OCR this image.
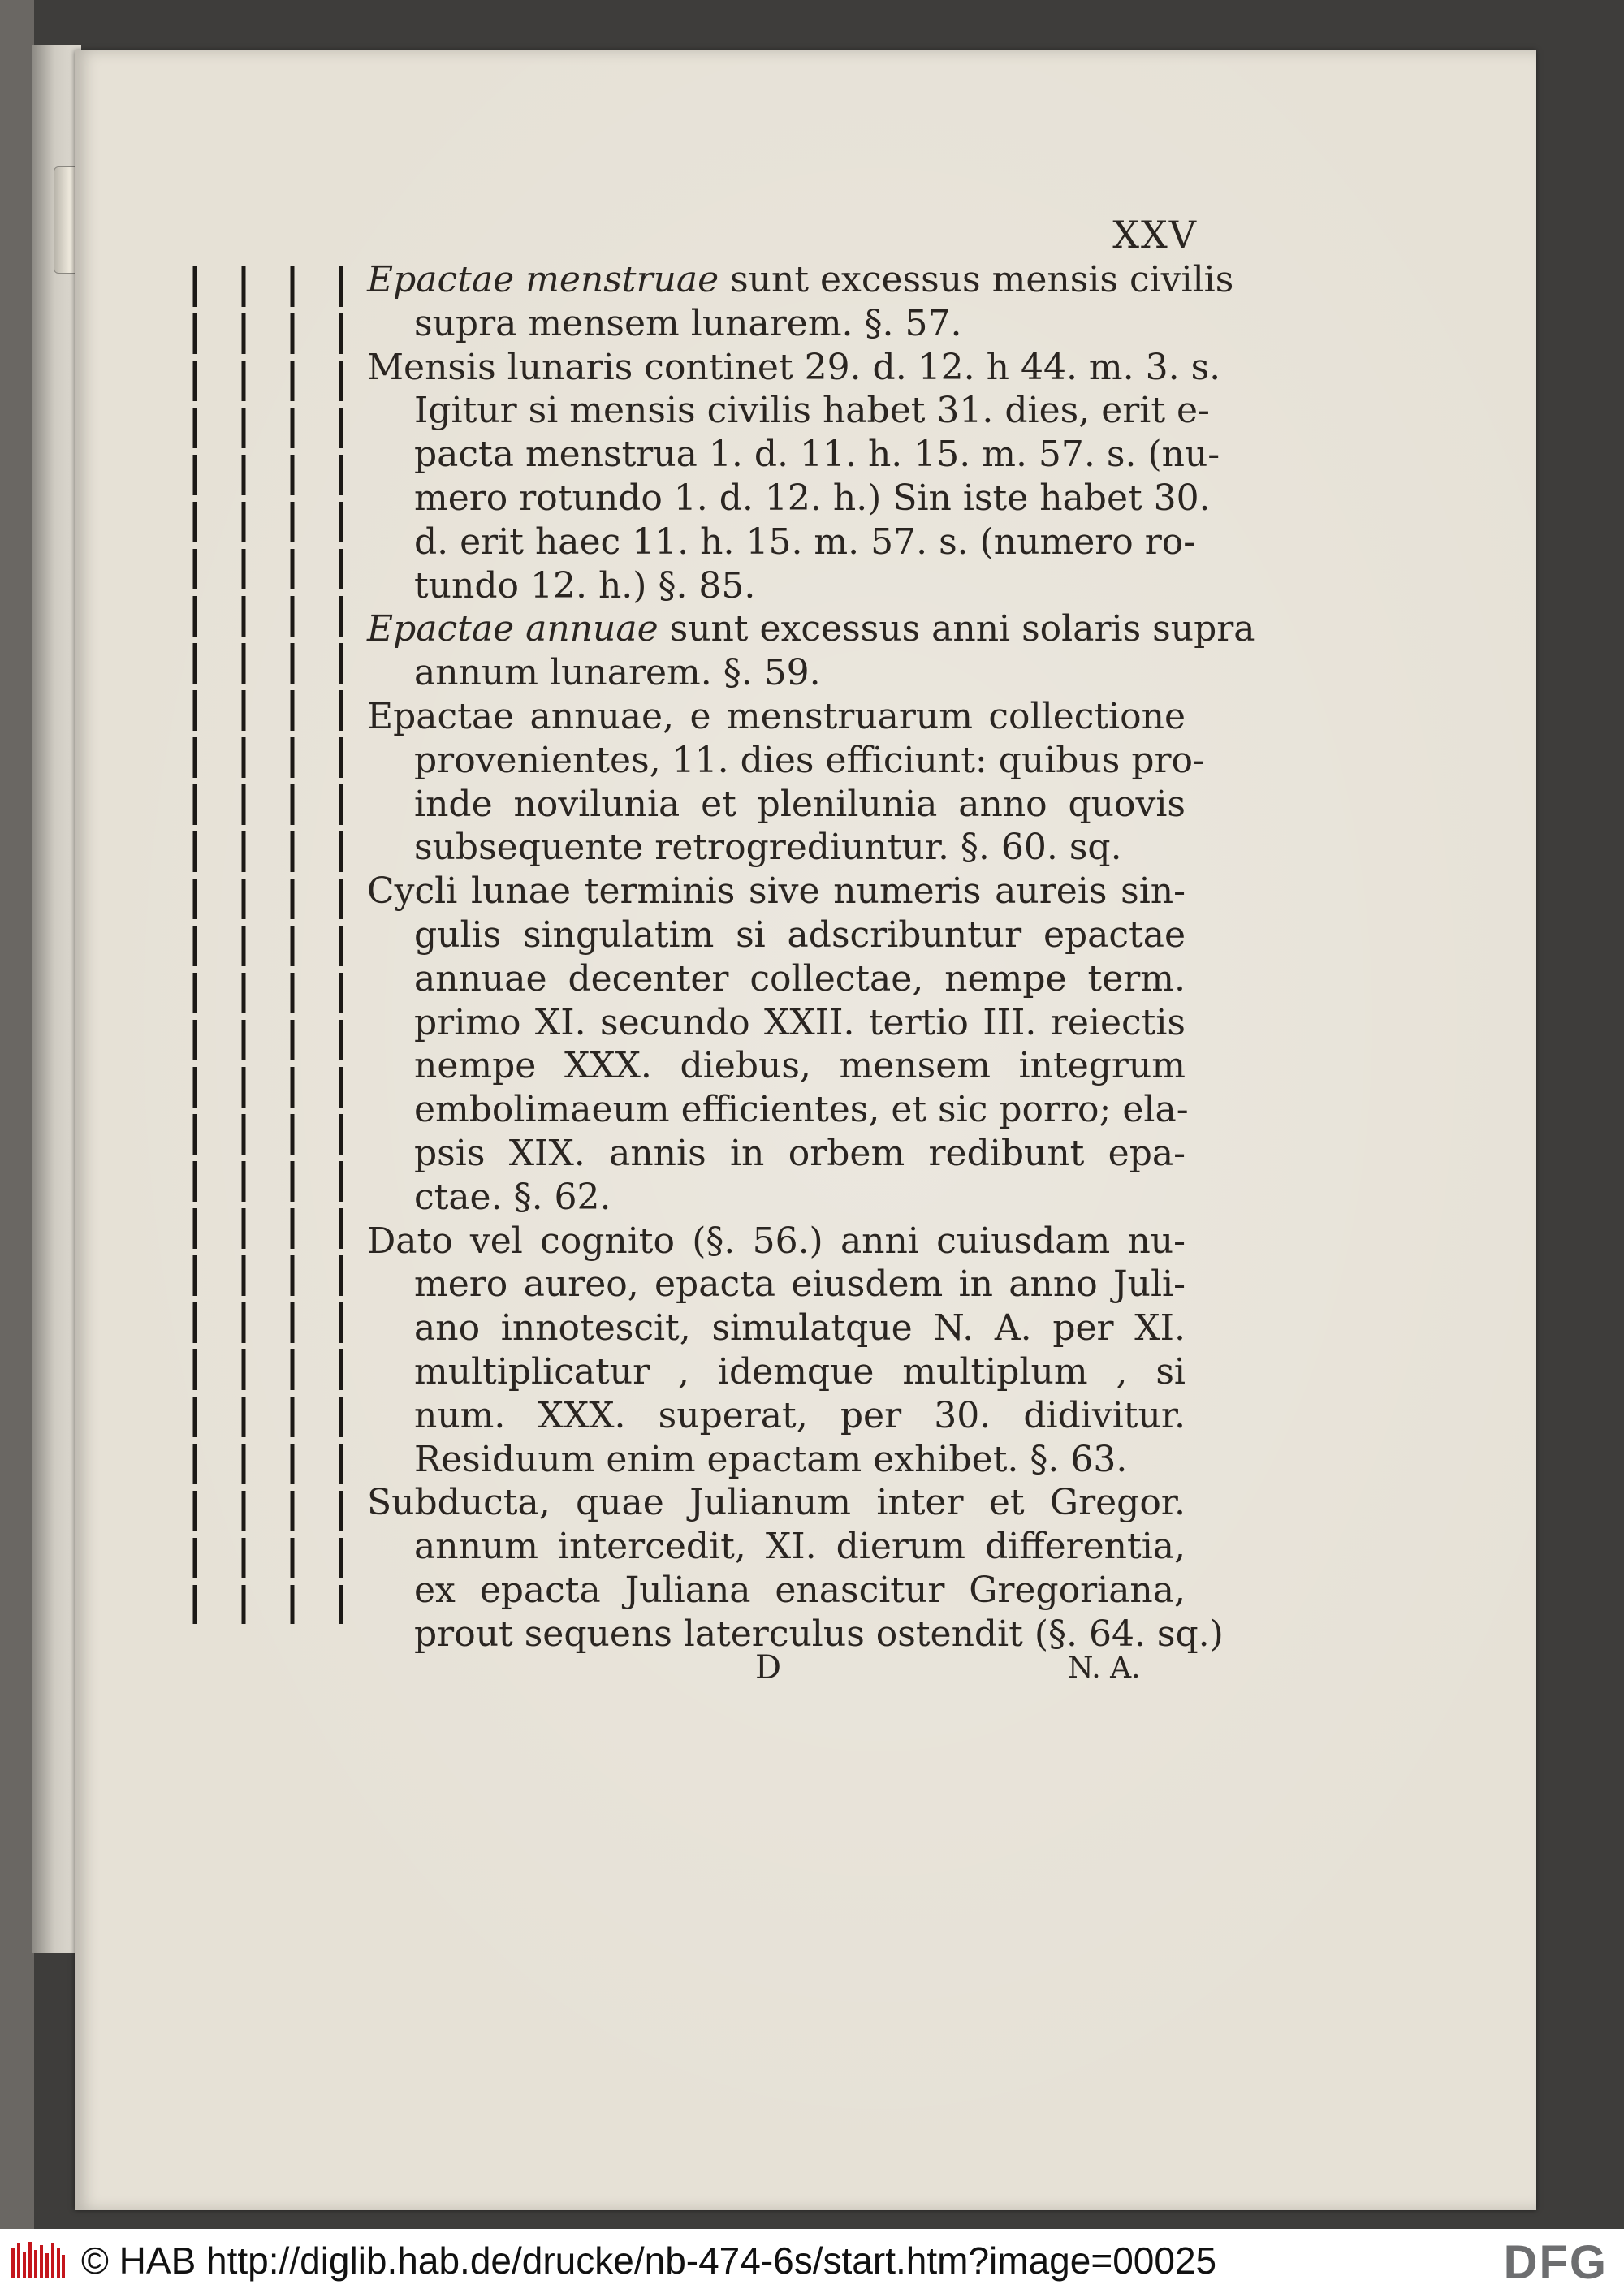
XXV
Epactae menstruae sunt excessus mensis civilis
supra mensem lunarem. §. 57.
Mensis lunaris continet 29. d. 12. h 44. m. 3. s.
Igitur si mensis civilis habet 31. dies, erit e-
pacta menstrua 1. d. 11. h. 15. m. 57. s. (nu-
mero rotundo 1. d. 12. h.) Sin iste habet 30.
d. erit haec 11. h. 15. m. 57. s. (numero ro-
tundo 12. h.) §. 85.
Epactae annuae sunt excessus anni solaris supra
annum lunarem. §. 59.
Epactae annuae, e menstruarum collectione
provenientes, 11. dies efficiunt: quibus pro-
inde novilunia et plenilunia anno quovis
subsequente retrogrediuntur. §. 60. sq.
Cycli lunae terminis sive numeris aureis sin-
gulis singulatim si adscribuntur epactae
annuae decenter collectae, nempe term.
primo XI. secundo XXII. tertio III. reiectis
nempe XXX. diebus, mensem integrum
embolimaeum efficientes, et sic porro; ela-
psis XIX. annis in orbem redibunt epa-
ctae. §. 62.
Dato vel cognito (§. 56.) anni cuiusdam nu-
mero aureo, epacta eiusdem in anno Juli-
ano innotescit, simulatque N. A. per XI.
multiplicatur , idemque multiplum , si
num. XXX. superat, per 30. didivitur.
Residuum enim epactam exhibet. §. 63.
Subducta, quae Julianum inter et Gregor.
annum intercedit, XI. dierum differentia,
ex epacta Juliana enascitur Gregoriana,
prout sequens laterculus ostendit (§. 64. sq.)
D	N. A.
© HAB http://diglib.hab.de/drucke/nb-474-6s/start.htm?image=00025	DFG
